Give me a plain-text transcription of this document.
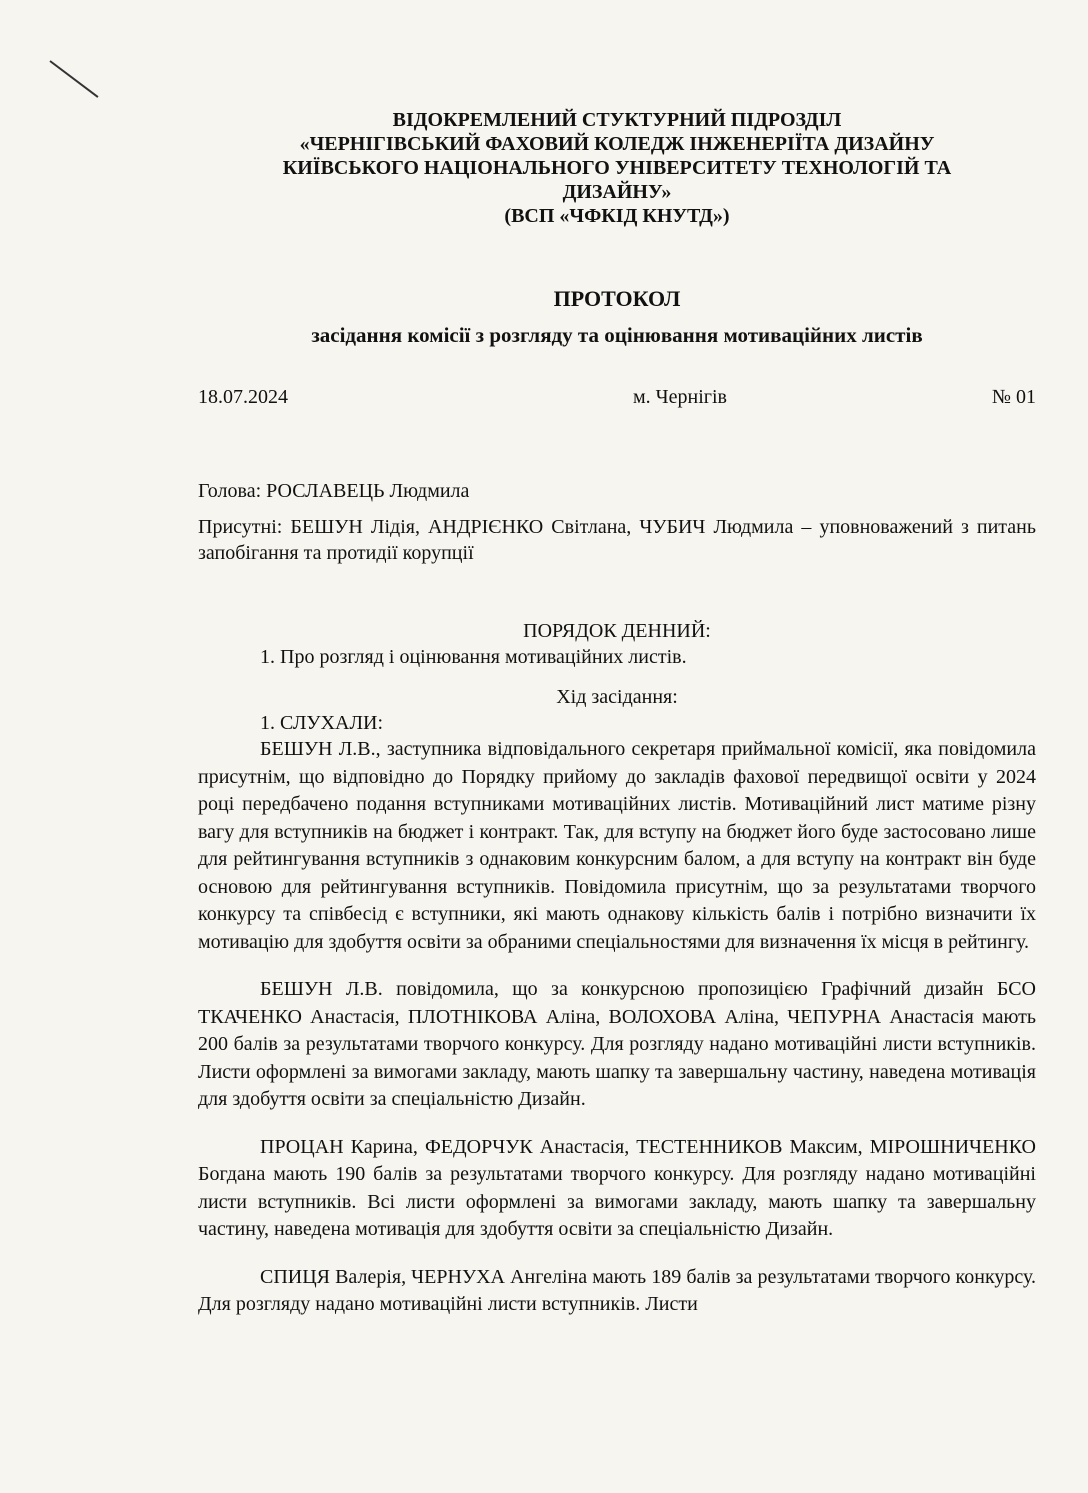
ВІДОКРЕМЛЕНИЙ СТУКТУРНИЙ ПІДРОЗДІЛ
«ЧЕРНІГІВСЬКИЙ ФАХОВИЙ КОЛЕДЖ ІНЖЕНЕРІЇТА ДИЗАЙНУ
КИЇВСЬКОГО НАЦІОНАЛЬНОГО УНІВЕРСИТЕТУ ТЕХНОЛОГІЙ ТА
ДИЗАЙНУ»
(ВСП «ЧФКІД КНУТД»)
ПРОТОКОЛ
засідання комісії з розгляду та оцінювання мотиваційних листів
18.07.2024	м. Чернігів	№ 01
Голова: РОСЛАВЕЦЬ Людмила
Присутні: БЕШУН Лідія, АНДРІЄНКО Світлана, ЧУБИЧ Людмила – уповноважений з питань запобігання та протидії корупції
ПОРЯДОК ДЕННИЙ:
1. Про розгляд і оцінювання мотиваційних листів.
Хід засідання:
1. СЛУХАЛИ:

БЕШУН Л.В., заступника відповідального секретаря приймальної комісії, яка повідомила присутнім, що відповідно до Порядку прийому до закладів фахової передвищої освіти у 2024 році передбачено подання вступниками мотиваційних листів. Мотиваційний лист матиме різну вагу для вступників на бюджет і контракт. Так, для вступу на бюджет його буде застосовано лише для рейтингування вступників з однаковим конкурсним балом, а для вступу на контракт він буде основою для рейтингування вступників. Повідомила присутнім, що за результатами творчого конкурсу та співбесід є вступники, які мають однакову кількість балів і потрібно визначити їх мотивацію для здобуття освіти за обраними спеціальностями для визначення їх місця в рейтингу.

БЕШУН Л.В. повідомила, що за конкурсною пропозицією Графічний дизайн БСО ТКАЧЕНКО Анастасія, ПЛОТНІКОВА Аліна, ВОЛОХОВА Аліна, ЧЕПУРНА Анастасія мають 200 балів за результатами творчого конкурсу. Для розгляду надано мотиваційні листи вступників. Листи оформлені за вимогами закладу, мають шапку та завершальну частину, наведена мотивація для здобуття освіти за спеціальністю Дизайн.

ПРОЦАН Карина, ФЕДОРЧУК Анастасія, ТЕСТЕННИКОВ Максим, МІРОШНИЧЕНКО Богдана мають 190 балів за результатами творчого конкурсу. Для розгляду надано мотиваційні листи вступників. Всі листи оформлені за вимогами закладу, мають шапку та завершальну частину, наведена мотивація для здобуття освіти за спеціальністю Дизайн.

СПИЦЯ Валерія, ЧЕРНУХА Ангеліна мають 189 балів за результатами творчого конкурсу. Для розгляду надано мотиваційні листи вступників. Листи
